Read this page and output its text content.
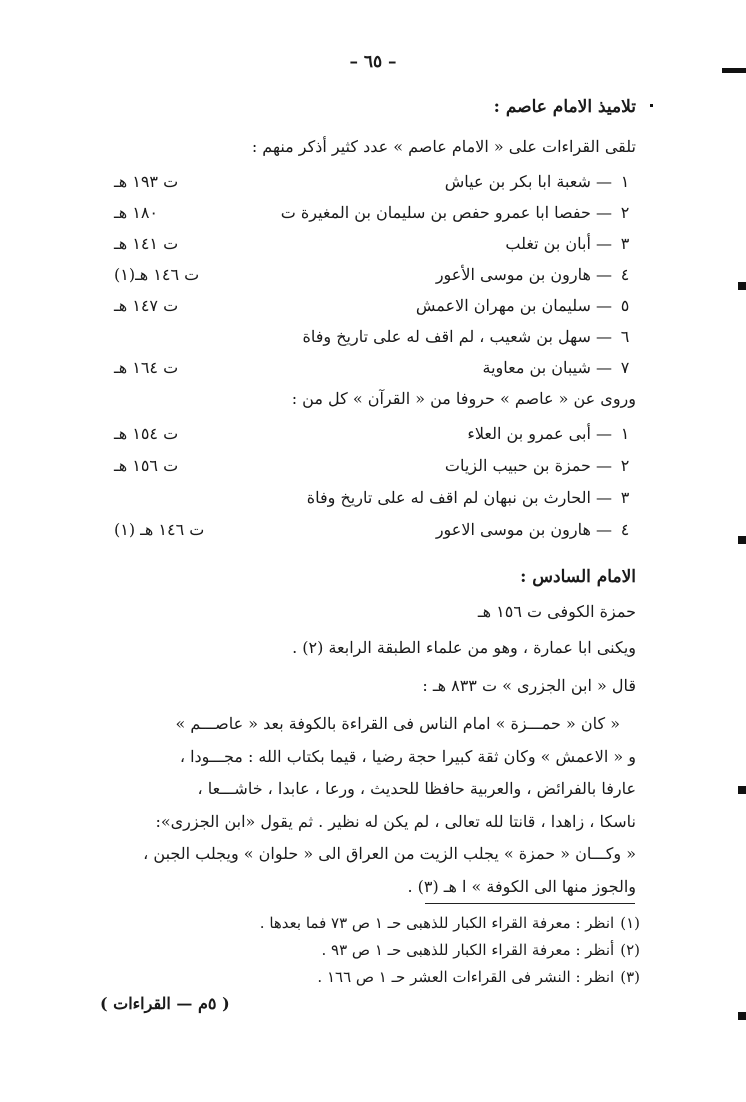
– ٦٥ –
تلاميذ الامام عاصم :
تلقى القراءات على « الامام عاصم » عدد كثير أذكر منهم :
١
— شعبة ابا بكر بن عياش
ت ١٩٣ هـ
٢
— حفصا ابا عمرو حفص بن سليمان بن المغيرة ت
١٨٠ هـ
٣
— أبان بن تغلب
ت ١٤١ هـ
٤
— هارون بن موسى الأعور
ت ١٤٦ هـ(١)
٥
— سليمان بن مهران الاعمش
ت ١٤٧ هـ
٦
— سهل بن شعيب ، لم اقف له على تاريخ وفاة
٧
— شيبان بن معاوية
ت ١٦٤ هـ
وروى عن « عاصم » حروفا من « القرآن » كل من :
١
— أبى عمرو بن العلاء
ت ١٥٤ هـ
٢
— حمزة بن حبيب الزيات
ت ١٥٦ هـ
٣
— الحارث بن نبهان لم اقف له على تاريخ وفاة
٤
— هارون بن موسى الاعور
ت ١٤٦ هـ (١)
الامام السادس :
حمزة الكوفى ت ١٥٦ هـ
ويكنى ابا عمارة ، وهو من علماء الطبقة الرابعة (٢) .
قال « ابن الجزرى » ت ٨٣٣ هـ :
« كان « حمـــزة » امام الناس فى القراءة بالكوفة بعد « عاصـــم »
و « الاعمش » وكان ثقة كبيرا حجة رضيا ، قيما بكتاب الله : مجـــودا ،
عارفا بالفرائض ، والعربية حافظا للحديث ، ورعا ، عابدا ، خاشـــعا ،
ناسكا ، زاهدا ، قانتا لله تعالى ، لم يكن له نظير . ثم يقول «ابن الجزرى»:
« وكـــان « حمزة » يجلب الزيت من العراق الى « حلوان » ويجلب الجبن ،
والجوز منها الى الكوفة » ا هـ (٣) .
(١)انظر : معرفة القراء الكبار للذهبى حـ ١ ص ٧٣ فما بعدها .
(٢)أنظر : معرفة القراء الكبار للذهبى حـ ١ ص ٩٣ .
(٣)انظر : النشر فى القراءات العشر حـ ١ ص ١٦٦ .
( ٥م — القراءات )
